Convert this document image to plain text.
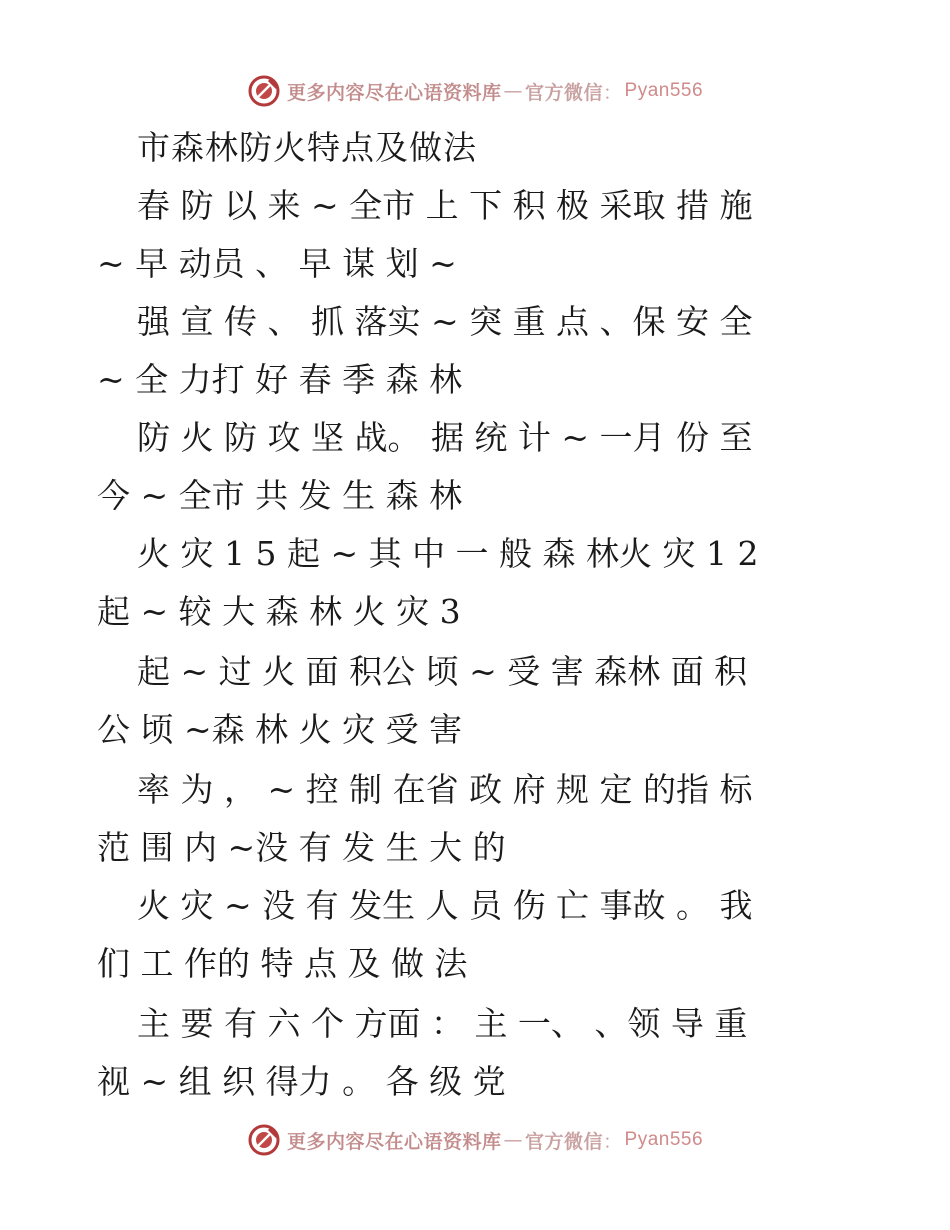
更多内容尽在心语资料库 — 官方微信 ： Pyan556
市森林防火特点及做法
春 防 以 来 ~ 全市 上 下 积 极 采取 措 施
~ 早 动员 、 早 谋 划 ~
强 宣 传 、 抓 落实 ~ 突 重 点 、保 安 全
~ 全 力打 好 春 季 森 林
防 火 防 攻 坚 战。 据 统 计 ~ 一月 份 至
今 ~ 全市 共 发 生 森 林
火 灾 1 5 起 ~ 其 中 一 般 森 林火 灾 1 2
起 ~ 较 大 森 林 火 灾 3
起 ~ 过 火 面 积公 顷 ~ 受 害 森林 面 积
公 顷 ~森 林 火 灾 受 害
率 为 ， ~ 控 制 在省 政 府 规 定 的指 标
范 围 内 ~没 有 发 生 大 的
火 灾 ~ 没 有 发生 人 员 伤 亡 事故 。 我
们 工 作的 特 点 及 做 法
主 要 有 六 个 方面 ： 主 一、 、领 导 重
视 ~ 组 织 得力 。 各 级 党
更多内容尽在心语资料库 — 官方微信 ： Pyan556
